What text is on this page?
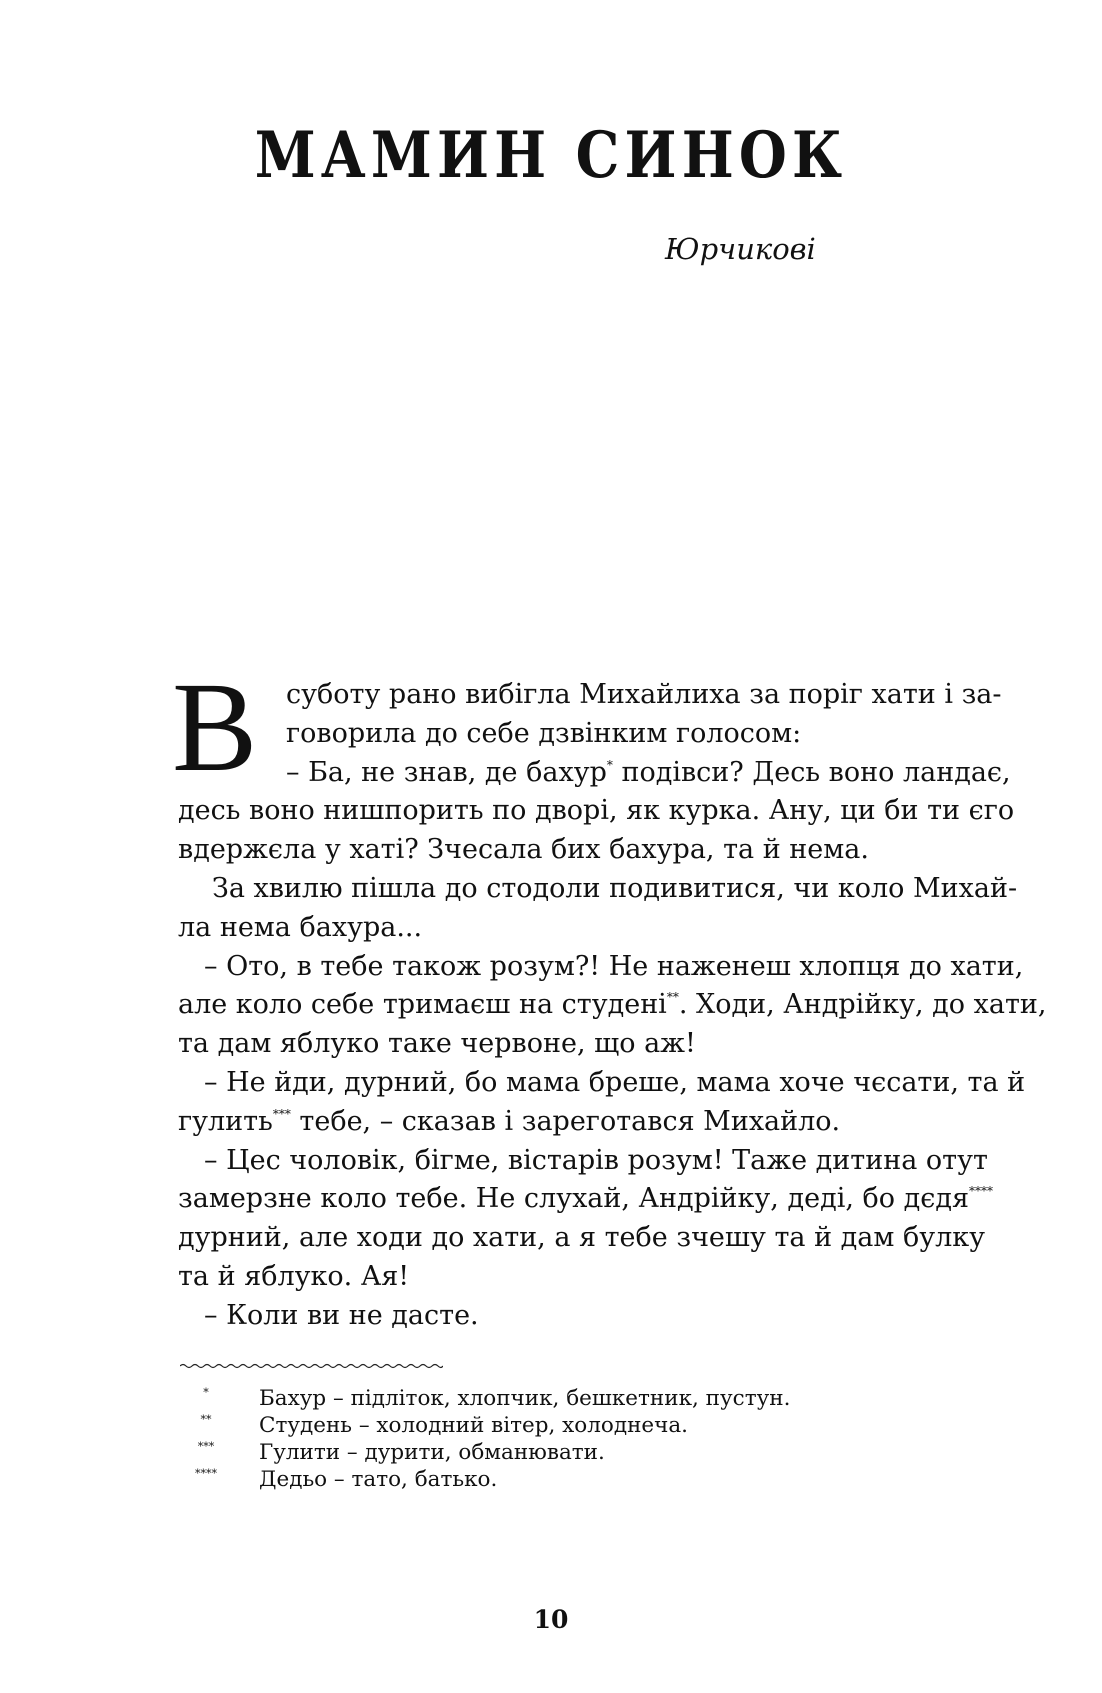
МАМИН СИНОК
Юрчикові
В	суботу рано вибігла Михайлиха за поріг хати і за-
говорила до себе дзвінким голосом:
– Ба, не знав, де бахур* подівси? Десь воно ландає,
десь воно нишпорить по дворі, як курка. Ану, ци би ти єго
вдержєла у хаті? Зчесала бих бахура, та й нема.
За хвилю пішла до стодоли подивитися, чи коло Михай-
ла нема бахура...
– Ото, в тебе також розум?! Не наженеш хлопця до хати,
але коло себе тримаєш на студені**. Ходи, Андрійку, до хати,
та дам яблуко таке червоне, що аж!
– Не йди, дурний, бо мама бреше, мама хоче чєсати, та й
гулить*** тебе, – сказав і зареготався Михайло.
– Цес чоловік, бігме, вістарів розум! Таже дитина отут
замерзне коло тебе. Не слухай, Андрійку, деді, бо дєдя****
дурний, але ходи до хати, а я тебе зчешу та й дам булку
та й яблуко. Ая!
– Коли ви не дасте.
*	Бахур – підліток, хлопчик, бешкетник, пустун.
**	Студень – холодний вітер, холоднеча.
***	Гулити – дурити, обманювати.
****	Дедьо – тато, батько.
10
